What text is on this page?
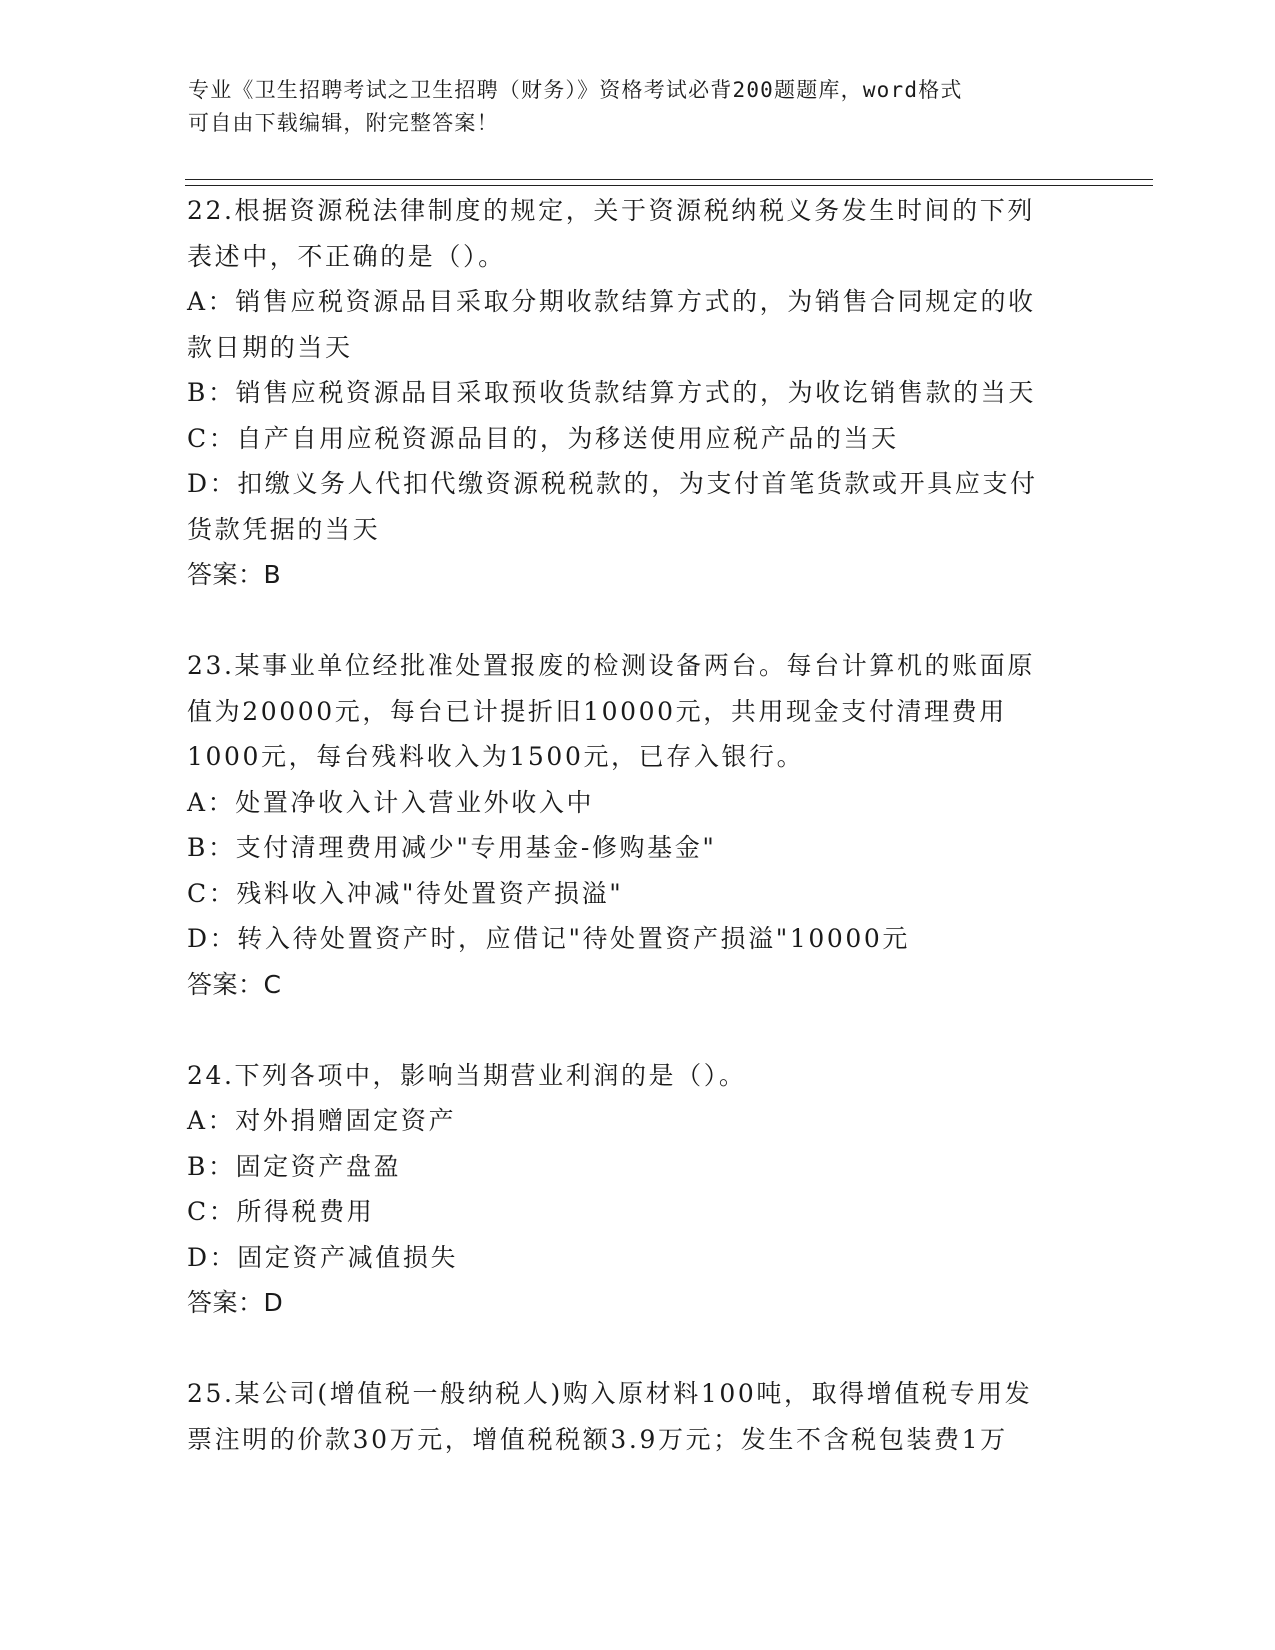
专业《卫生招聘考试之卫生招聘（财务）》资格考试必背200题题库，word格式
可自由下载编辑，附完整答案！
22.根据资源税法律制度的规定，关于资源税纳税义务发生时间的下列
表述中，不正确的是（）。
A：销售应税资源品目采取分期收款结算方式的，为销售合同规定的收
款日期的当天
B：销售应税资源品目采取预收货款结算方式的，为收讫销售款的当天
C：自产自用应税资源品目的，为移送使用应税产品的当天
D：扣缴义务人代扣代缴资源税税款的，为支付首笔货款或开具应支付
货款凭据的当天
答案：B
23.某事业单位经批准处置报废的检测设备两台。每台计算机的账面原
值为20000元，每台已计提折旧10000元，共用现金支付清理费用
1000元，每台残料收入为1500元，已存入银行。
A：处置净收入计入营业外收入中
B：支付清理费用减少"专用基金-修购基金"
C：残料收入冲减"待处置资产损溢"
D：转入待处置资产时，应借记"待处置资产损溢"10000元
答案：C
24.下列各项中，影响当期营业利润的是（）。
A：对外捐赠固定资产
B：固定资产盘盈
C：所得税费用
D：固定资产减值损失
答案：D
25.某公司(增值税一般纳税人)购入原材料100吨，取得增值税专用发
票注明的价款30万元，增值税税额3.9万元；发生不含税包装费1万
